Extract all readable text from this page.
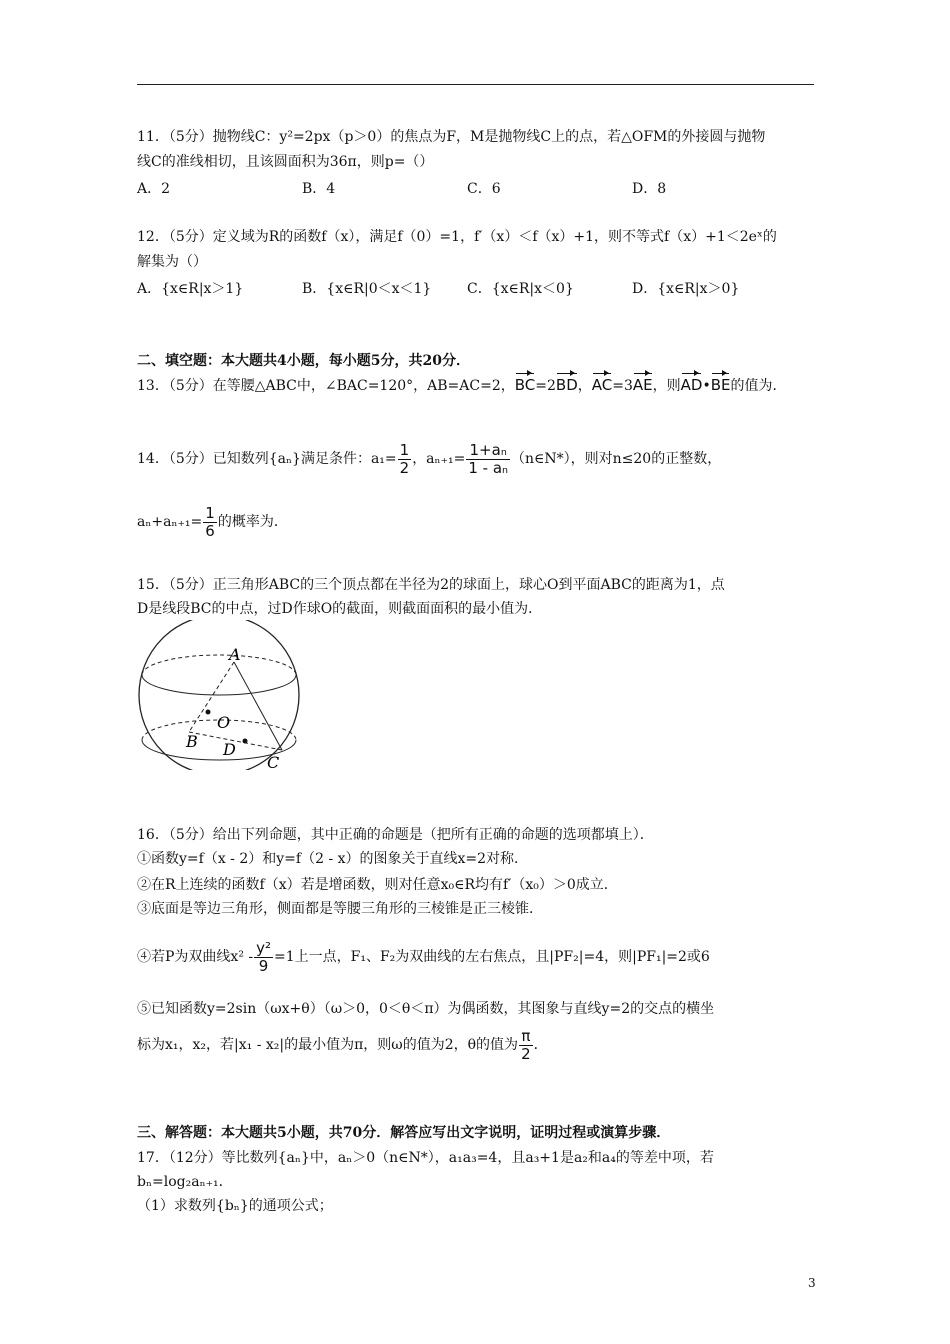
11．（5分）抛物线C：y²=2px（p＞0）的焦点为F，M是抛物线C上的点，若△OFM的外接圆与抛物
线C的准线相切，且该圆面积为36π，则p=（）
A．2	B．4	C．6	D．8
12．（5分）定义域为R的函数f（x），满足f（0）=1，f′（x）＜f（x）+1，则不等式f（x）+1＜2eˣ的
解集为（）
A．{x∈R|x＞1}	B．{x∈R|0＜x＜1}	C．{x∈R|x＜0}	D．{x∈R|x＞0}
二、填空题：本大题共4小题，每小题5分，共20分．
13．（5分）在等腰△ABC中，∠BAC=120°，AB=AC=2，BC=2BD，AC=3AE，则AD•BE的值为．
14．（5分）已知数列{aₙ}满足条件：$a_1= \frac{1}{2}$ ，$a_{n+1}= \frac{\text{1+aₙ}}{\text{1 - aₙ}}$ （n∈N*），则对n≤20的正整数，
$a_n+a_{n+1}= \frac{1}{6}$ 的概率为．
15．（5分）正三角形ABC的三个顶点都在半径为2的球面上，球心O到平面ABC的距离为1，点
D是线段BC的中点，过D作球O的截面，则截面面积的最小值为．
A
O
B D
C
16．（5分）给出下列命题，其中正确的命题是（把所有正确的命题的选项都填上）．
①函数y=f（x - 2）和y=f（2 - x）的图象关于直线x=2对称．
②在R上连续的函数f（x）若是增函数，则对任意x₀∈R均有f′（x₀）＞0成立．
③底面是等边三角形，侧面都是等腰三角形的三棱锥是正三棱锥．
④若P为双曲线$x^2 - \frac{\text{y²}}{9} =1$上一点，F₁、F₂为双曲线的左右焦点，且|PF₂|=4，则|PF₁|=2或6
⑤已知函数y=2sin（ωx+θ）（ω＞0，0＜θ＜π）为偶函数，其图象与直线y=2的交点的横坐
标为x₁，x₂，若|x₁ - x₂|的最小值为π，则ω的值为2，θ的值为 $\frac{\pi}{2}$ ．
三、解答题：本大题共5小题，共70分．解答应写出文字说明，证明过程或演算步骤．
17．（12分）等比数列{aₙ}中，aₙ＞0（n∈N*），a₁a₃=4，且a₃+1是a₂和a₄的等差中项，若
bₙ=log₂aₙ₊₁．
（1）求数列{bₙ}的通项公式；
3
